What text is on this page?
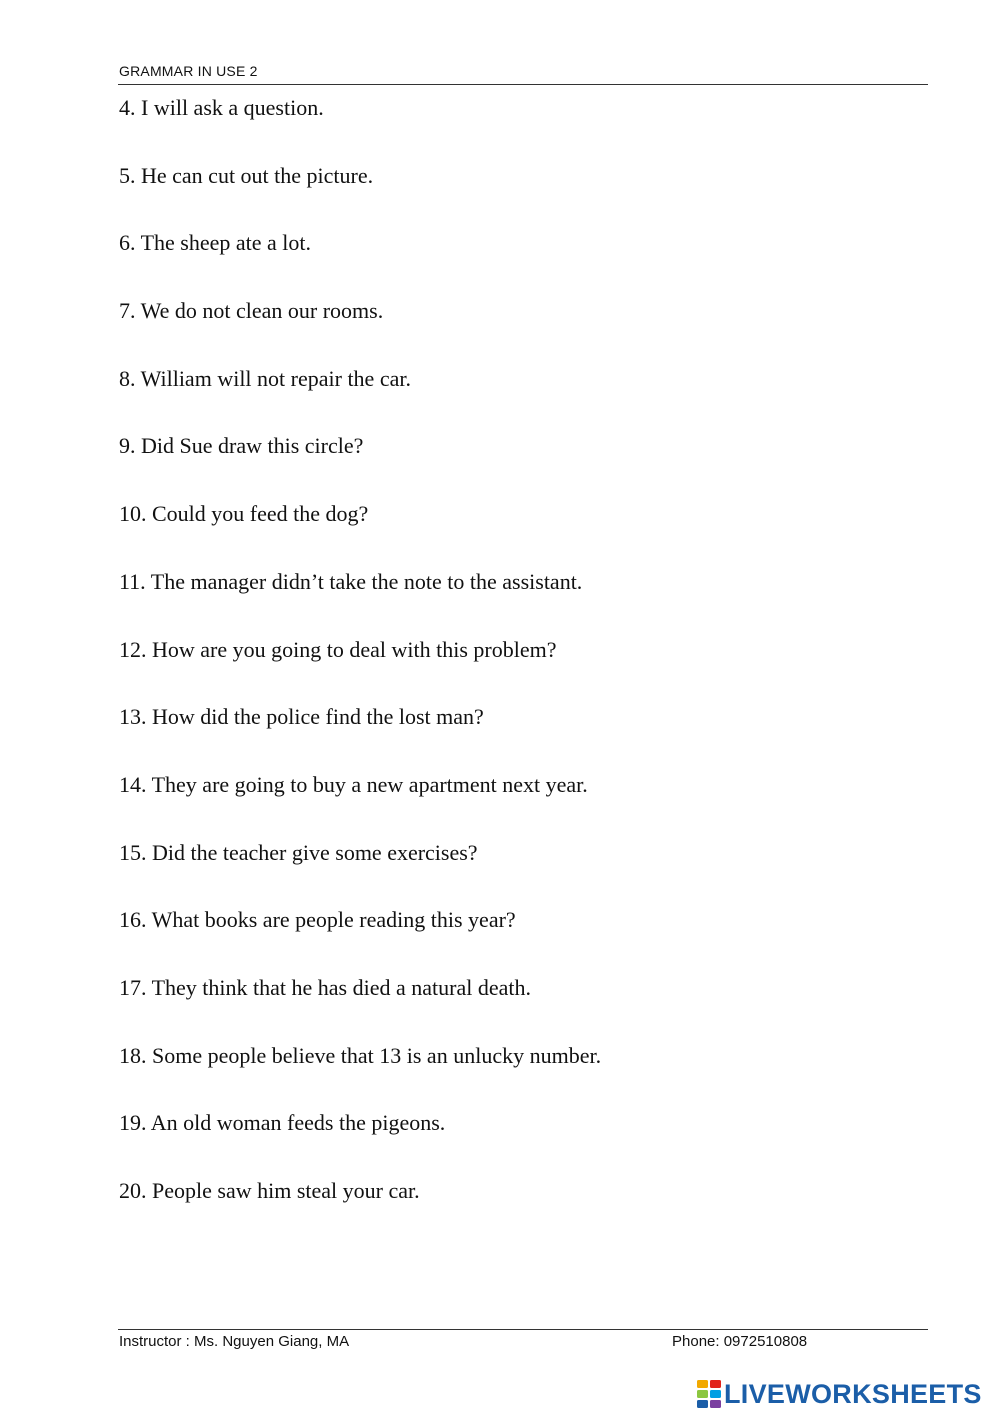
GRAMMAR IN USE 2
4. I will ask a question.
5. He can cut out the picture.
6. The sheep ate a lot.
7. We do not clean our rooms.
8. William will not repair the car.
9. Did Sue draw this circle?
10. Could you feed the dog?
11. The manager didn’t take the note to the assistant.
12. How are you going to deal with this problem?
13. How did the police find the lost man?
14. They are going to buy a new apartment next year.
15. Did the teacher give some exercises?
16. What books are people reading this year?
17. They think that he has died a natural death.
18. Some people believe that 13 is an unlucky number.
19. An old woman feeds the pigeons.
20. People saw him steal your car.
Instructor : Ms. Nguyen Giang, MA	Phone: 0972510808
LIVEWORKSHEETS
